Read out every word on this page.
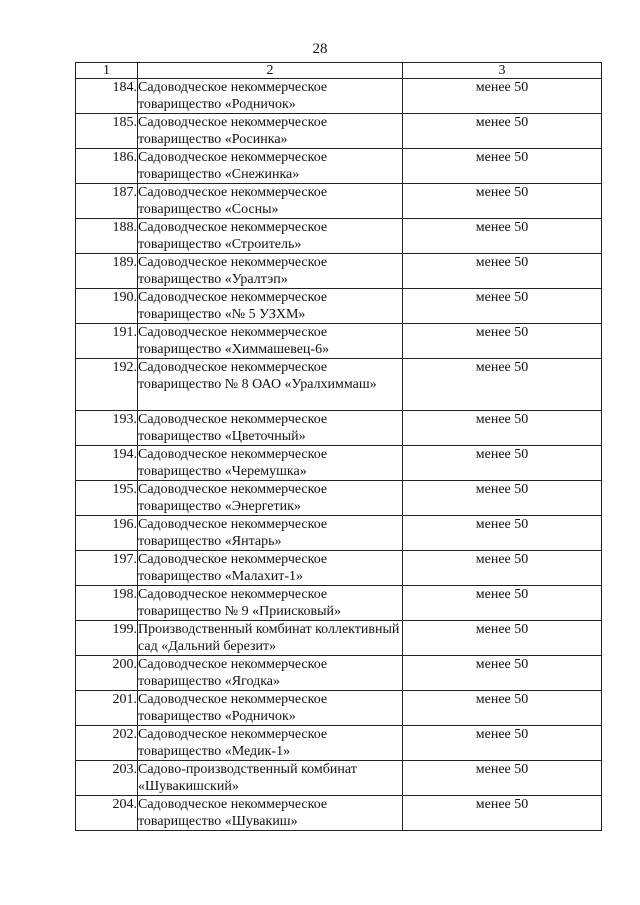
28
1	2	3
184.	Садоводческое некоммерческое товарищество «Родничок»	менее 50
185.	Садоводческое некоммерческое товарищество «Росинка»	менее 50
186.	Садоводческое некоммерческое товарищество «Снежинка»	менее 50
187.	Садоводческое некоммерческое товарищество «Сосны»	менее 50
188.	Садоводческое некоммерческое товарищество «Строитель»	менее 50
189.	Садоводческое некоммерческое товарищество «Уралтэп»	менее 50
190.	Садоводческое некоммерческое товарищество «№ 5 УЗХМ»	менее 50
191.	Садоводческое некоммерческое товарищество «Химмашевец-6»	менее 50
192.	Садоводческое некоммерческое товарищество № 8 ОАО «Уралхиммаш»	менее 50
193.	Садоводческое некоммерческое товарищество «Цветочный»	менее 50
194.	Садоводческое некоммерческое товарищество «Черемушка»	менее 50
195.	Садоводческое некоммерческое товарищество «Энергетик»	менее 50
196.	Садоводческое некоммерческое товарищество «Янтарь»	менее 50
197.	Садоводческое некоммерческое товарищество «Малахит-1»	менее 50
198.	Садоводческое некоммерческое товарищество № 9 «Приисковый»	менее 50
199.	Производственный комбинат коллективный сад «Дальний березит»	менее 50
200.	Садоводческое некоммерческое товарищество «Ягодка»	менее 50
201.	Садоводческое некоммерческое товарищество «Родничок»	менее 50
202.	Садоводческое некоммерческое товарищество «Медик-1»	менее 50
203.	Садово-производственный комбинат «Шувакишский»	менее 50
204.	Садоводческое некоммерческое товарищество «Шувакиш»	менее 50
